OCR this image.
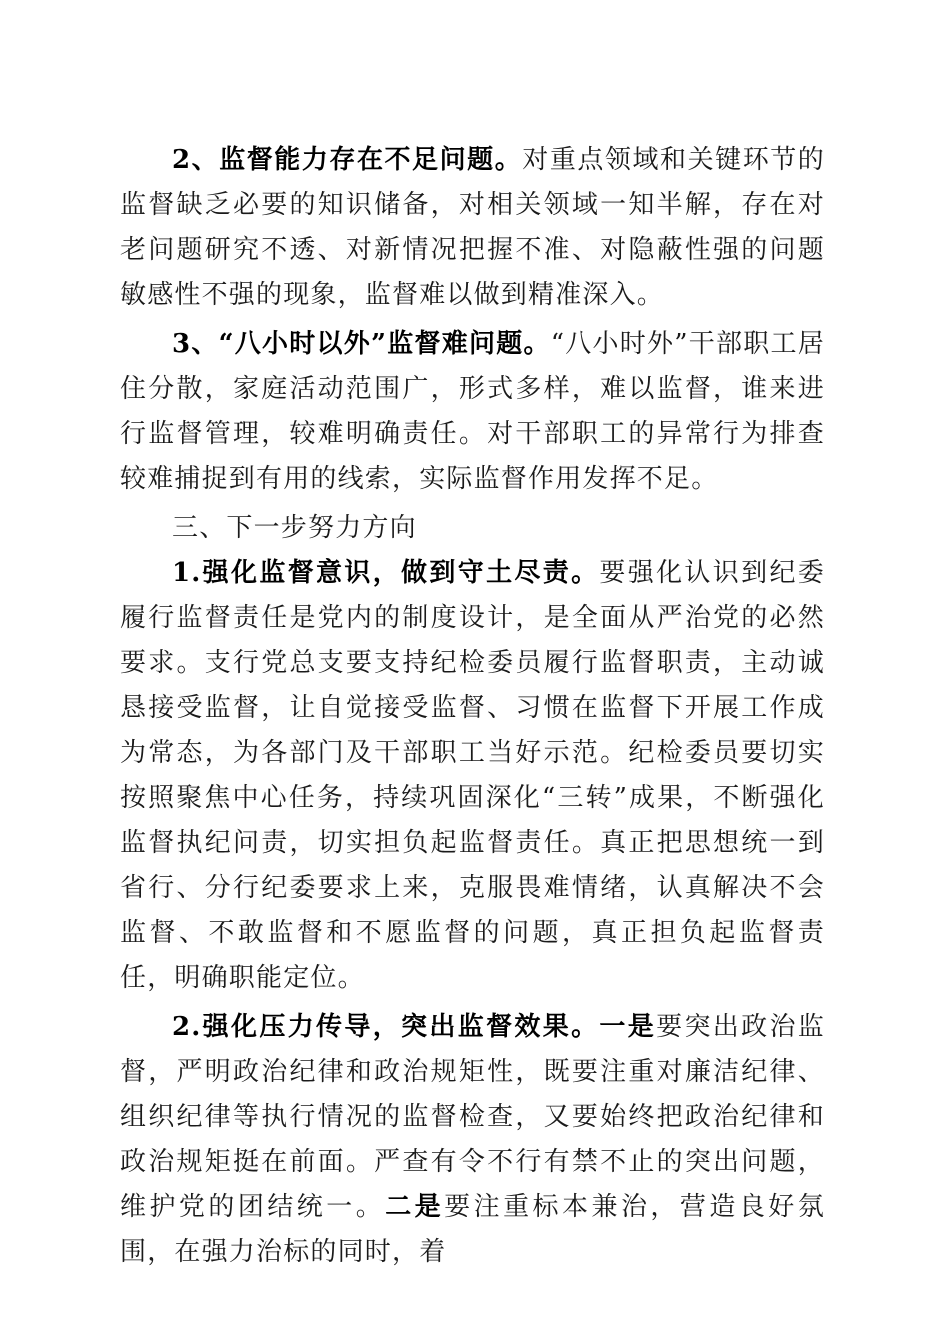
2、监督能力存在不足问题。对重点领域和关键环节的监督缺乏必要的知识储备，对相关领域一知半解，存在对老问题研究不透、对新情况把握不准、对隐蔽性强的问题敏感性不强的现象，监督难以做到精准深入。

3、“八小时以外”监督难问题。“八小时外”干部职工居住分散，家庭活动范围广，形式多样，难以监督，谁来进行监督管理，较难明确责任。对干部职工的异常行为排查较难捕捉到有用的线索，实际监督作用发挥不足。

三、下一步努力方向

1.强化监督意识，做到守土尽责。要强化认识到纪委履行监督责任是党内的制度设计，是全面从严治党的必然要求。支行党总支要支持纪检委员履行监督职责，主动诚恳接受监督，让自觉接受监督、习惯在监督下开展工作成为常态，为各部门及干部职工当好示范。纪检委员要切实按照聚焦中心任务，持续巩固深化“三转”成果，不断强化监督执纪问责，切实担负起监督责任。真正把思想统一到省行、分行纪委要求上来，克服畏难情绪，认真解决不会监督、不敢监督和不愿监督的问题，真正担负起监督责任，明确职能定位。

2.强化压力传导，突出监督效果。一是要突出政治监督，严明政治纪律和政治规矩性，既要注重对廉洁纪律、组织纪律等执行情况的监督检查，又要始终把政治纪律和政治规矩挺在前面。严查有令不行有禁不止的突出问题，维护党的团结统一。二是要注重标本兼治，营造良好氛围，在强力治标的同时，着
